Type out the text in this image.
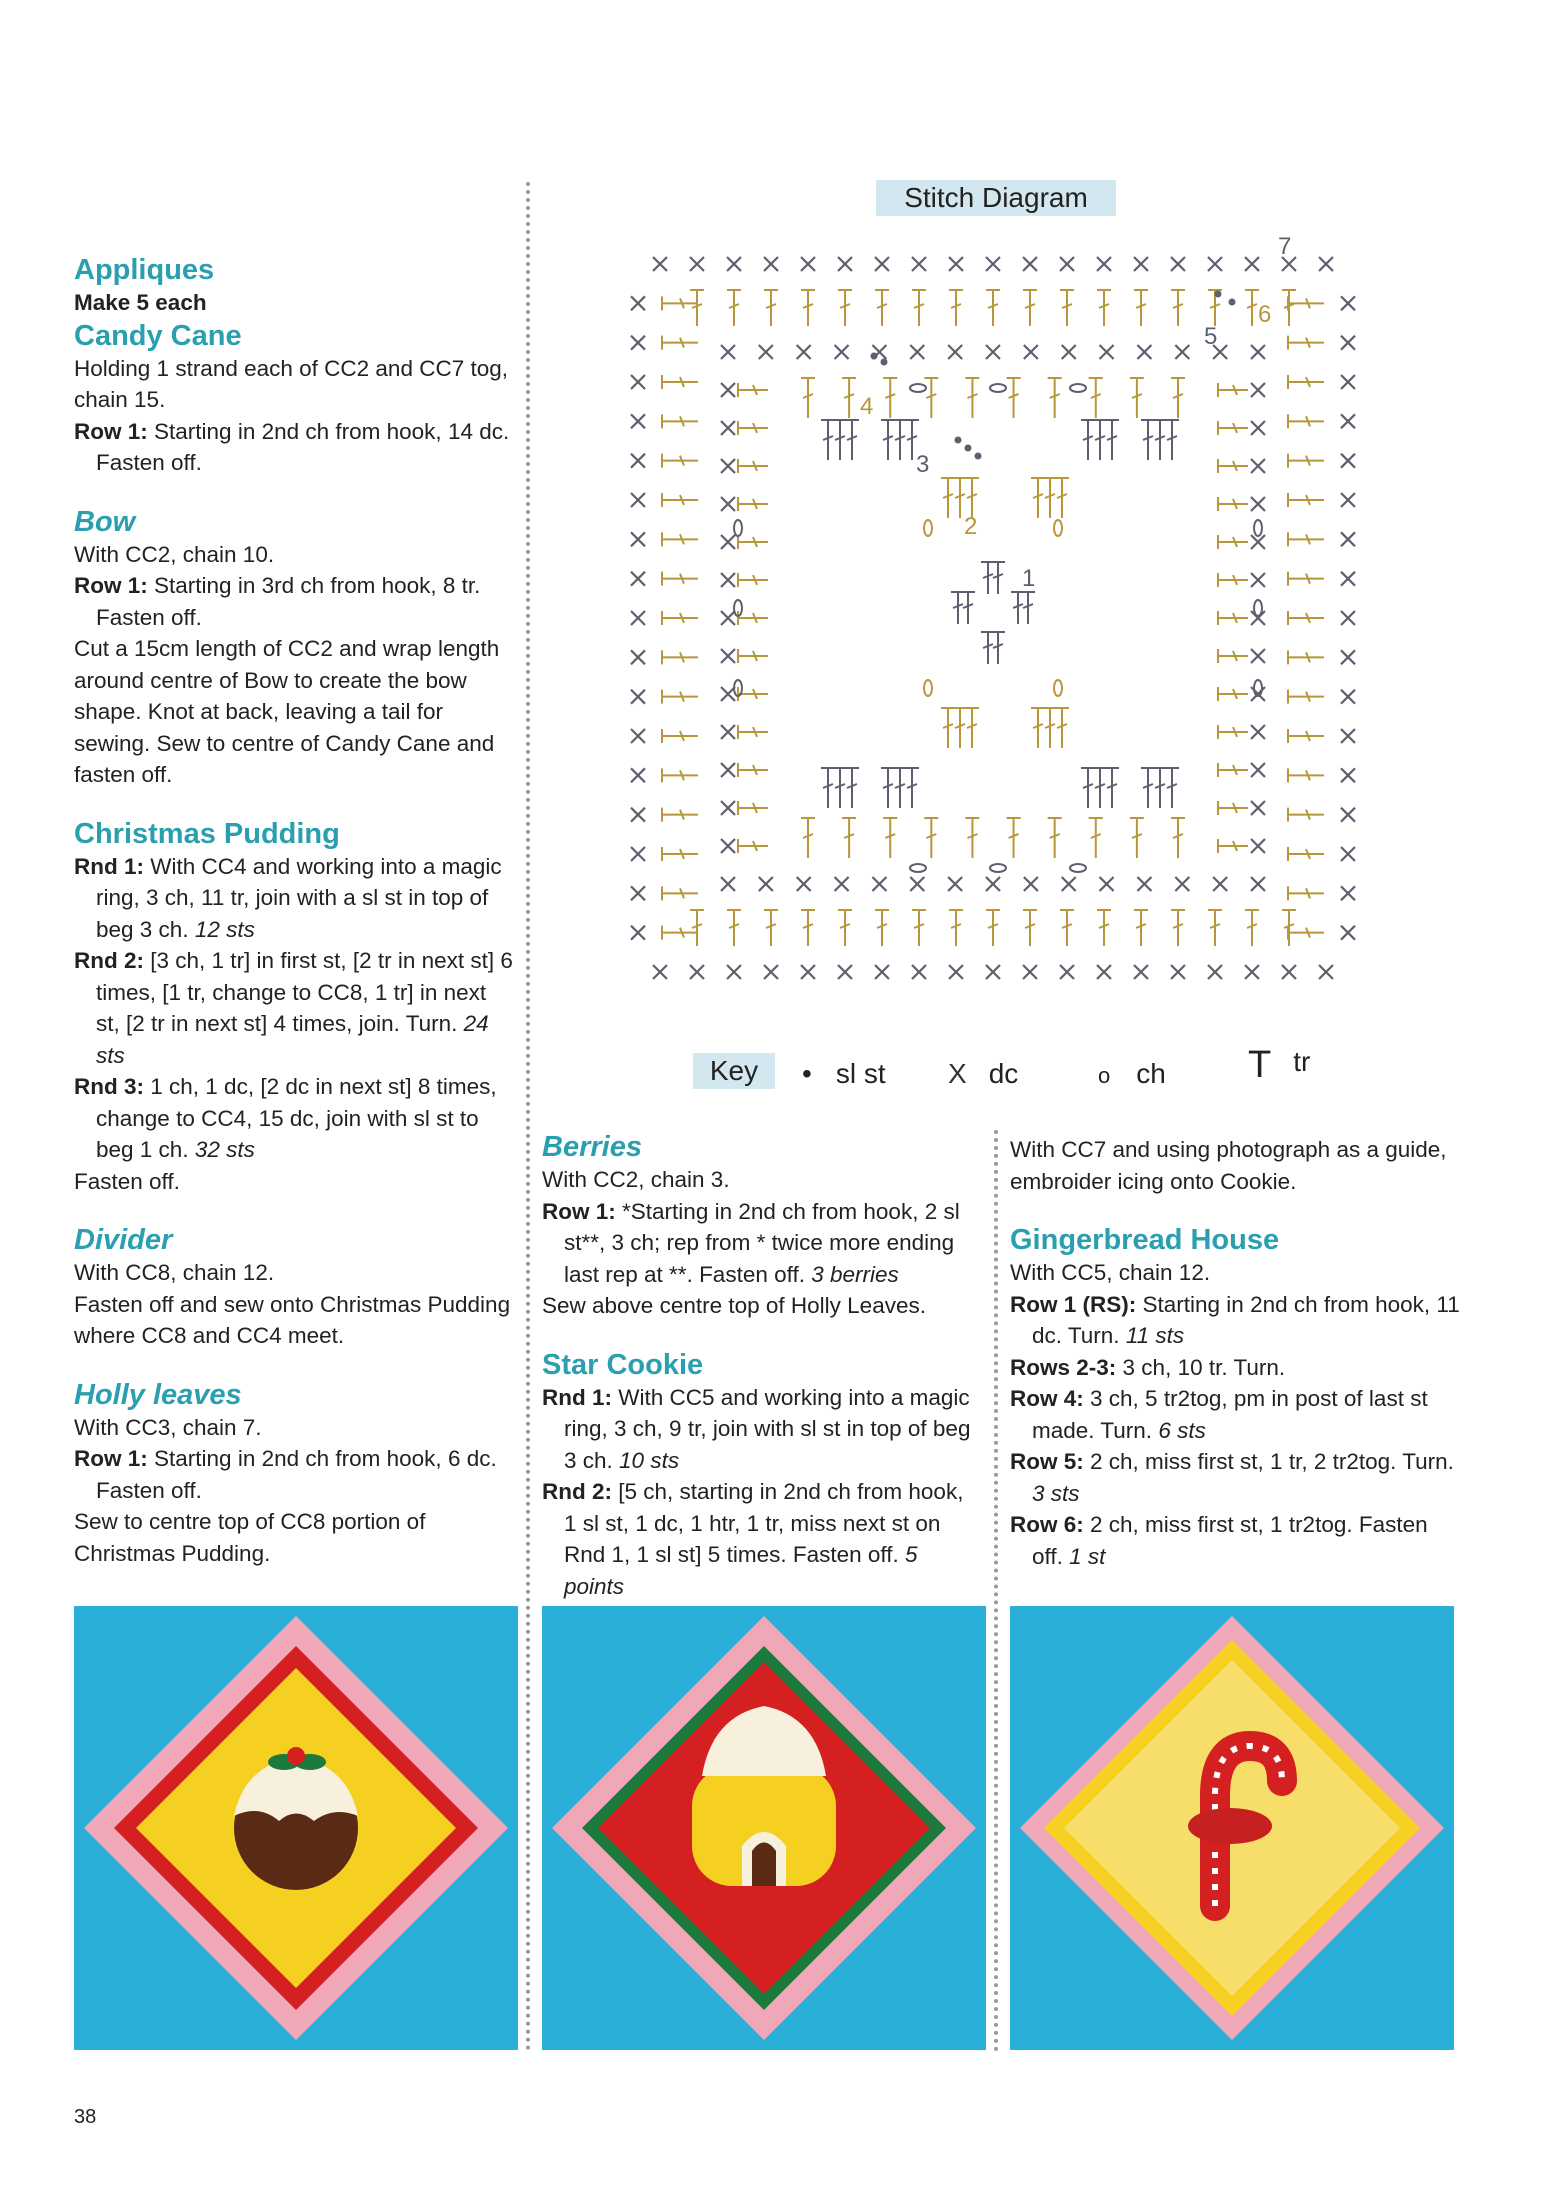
Stitch Diagram
1
2
3
4
5
6
7
Key	• sl st X dc	o ch T tr

Appliques

Make 5 each

Candy Cane

Holding 1 strand each of CC2 and CC7 tog, chain 15.

Row 1: Starting in 2nd ch from hook, 14 dc. Fasten off.

Bow

With CC2, chain 10.

Row 1: Starting in 3rd ch from hook, 8 tr. Fasten off.

Cut a 15cm length of CC2 and wrap length around centre of Bow to create the bow shape. Knot at back, leaving a tail for sewing. Sew to centre of Candy Cane and fasten off.

Christmas Pudding

Rnd 1: With CC4 and working into a magic ring, 3 ch, 11 tr, join with a sl st in top of beg 3 ch. 12 sts

Rnd 2: [3 ch, 1 tr] in first st, [2 tr in next st] 6 times, [1 tr, change to CC8, 1 tr] in next st, [2 tr in next st] 4 times, join. Turn. 24 sts

Rnd 3: 1 ch, 1 dc, [2 dc in next st] 8 times, change to CC4, 15 dc, join with sl st to beg 1 ch. 32 sts

Fasten off.

Divider

With CC8, chain 12.

Fasten off and sew onto Christmas Pudding where CC8 and CC4 meet.

Holly leaves

With CC3, chain 7.

Row 1: Starting in 2nd ch from hook, 6 dc. Fasten off.

Sew to centre top of CC8 portion of Christmas Pudding.

Berries

With CC2, chain 3.

Row 1: *Starting in 2nd ch from hook, 2 sl st**, 3 ch; rep from * twice more ending last rep at **. Fasten off. 3 berries

Sew above centre top of Holly Leaves.

Star Cookie

Rnd 1: With CC5 and working into a magic ring, 3 ch, 9 tr, join with sl st in top of beg 3 ch. 10 sts

Rnd 2: [5 ch, starting in 2nd ch from hook, 1 sl st, 1 dc, 1 htr, 1 tr, miss next st on Rnd 1, 1 sl st] 5 times. Fasten off. 5 points

With CC7 and using photograph as a guide, embroider icing onto Cookie.

Gingerbread House

With CC5, chain 12.

Row 1 (RS): Starting in 2nd ch from hook, 11 dc. Turn. 11 sts

Rows 2-3: 3 ch, 10 tr. Turn.

Row 4: 3 ch, 5 tr2tog, pm in post of last st made. Turn. 6 sts

Row 5: 2 ch, miss first st, 1 tr, 2 tr2tog. Turn. 3 sts

Row 6: 2 ch, miss first st, 1 tr2tog. Fasten off. 1 st

38
